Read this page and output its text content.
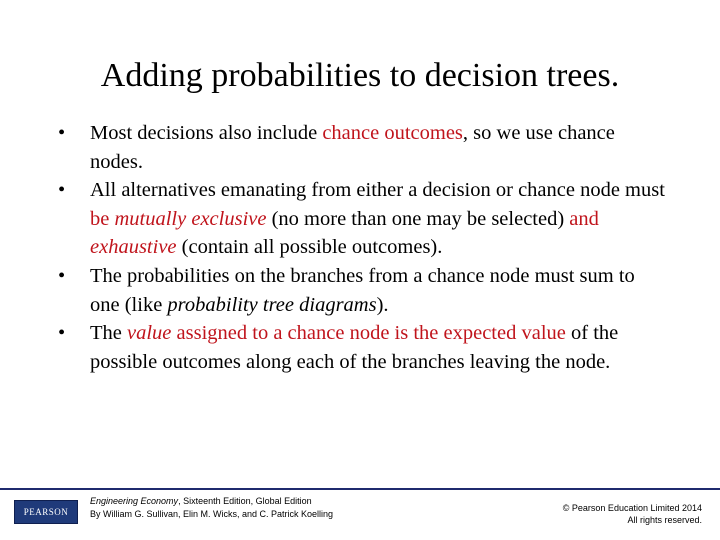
Adding probabilities to decision trees.
• Most decisions also include chance outcomes, so we use chance nodes.
• All alternatives emanating from either a decision or chance node must be mutually exclusive (no more than one may be selected) and exhaustive (contain all possible outcomes).
• The probabilities on the branches from a chance node must sum to one (like probability tree diagrams).
• The value assigned to a chance node is the expected value of the possible outcomes along each of the branches leaving the node.
PEARSON
Engineering Economy, Sixteenth Edition, Global Edition
By William G. Sullivan, Elin M. Wicks, and C. Patrick Koelling
© Pearson Education Limited 2014
All rights reserved.
